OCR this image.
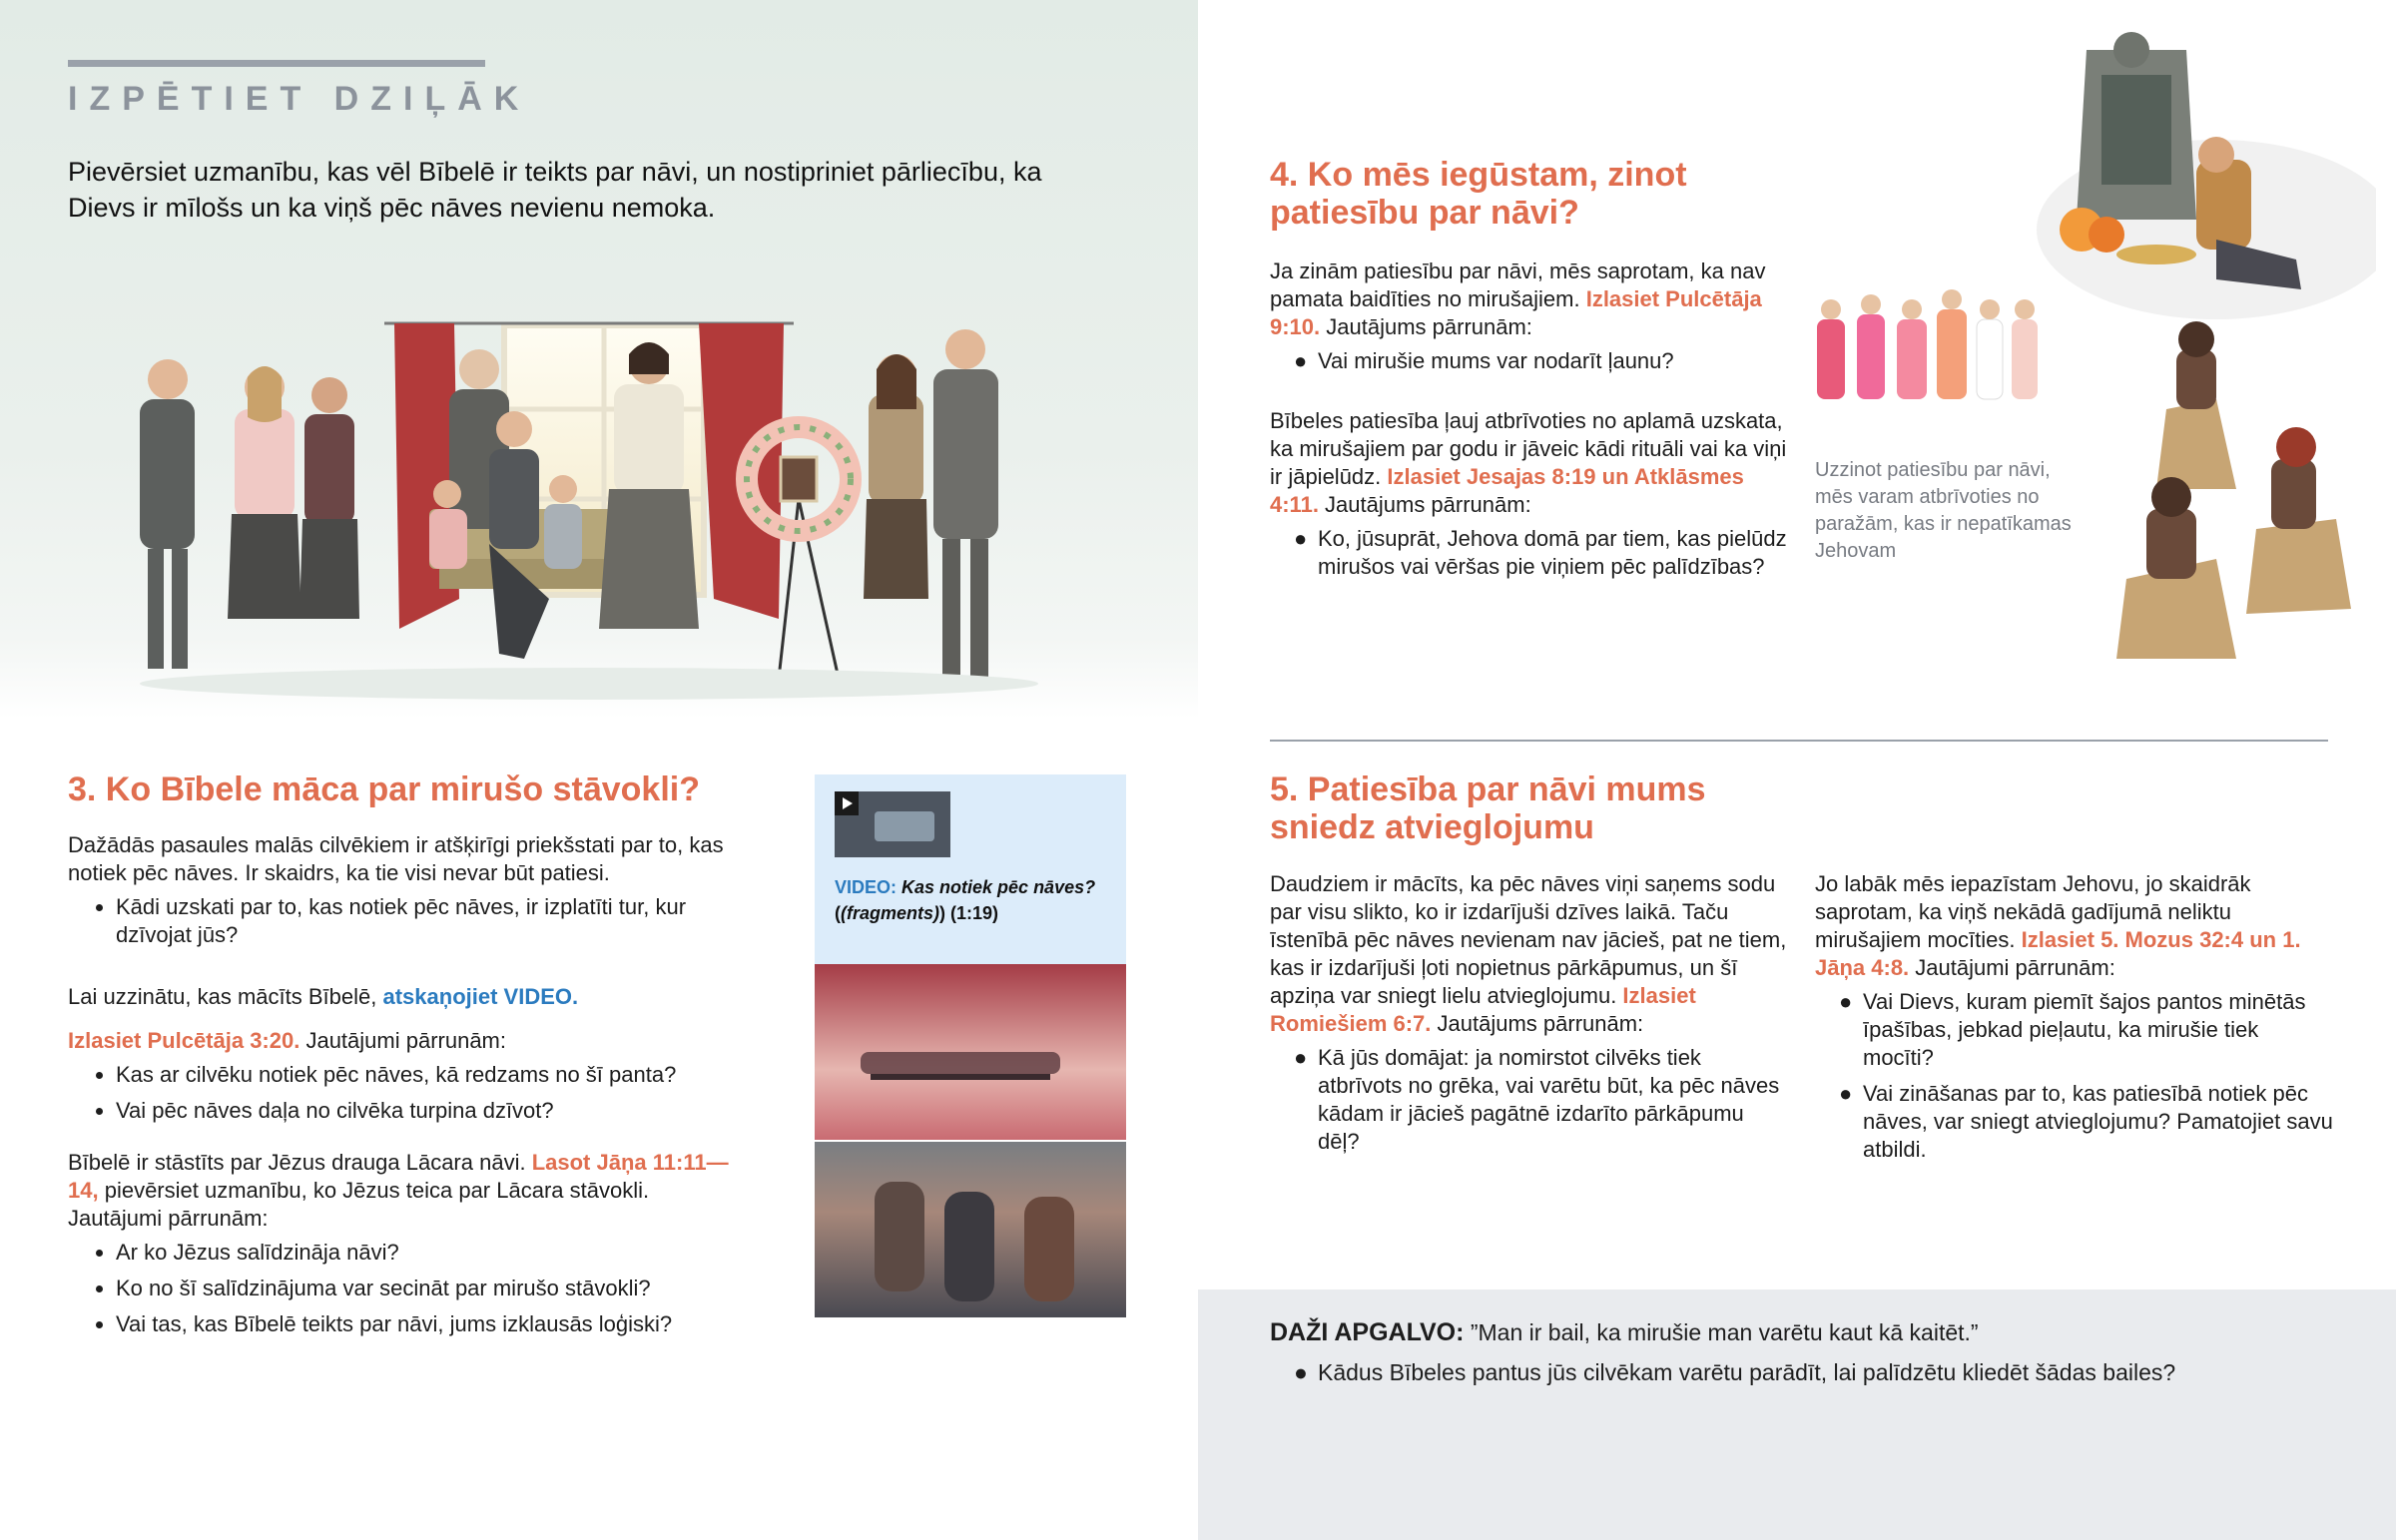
IZPĒTIET DZIĻĀK
Pievērsiet uzmanību, kas vēl Bībelē ir teikts par nāvi, un nostipriniet pārliecību, ka Dievs ir mīlošs un ka viņš pēc nāves nevienu nemoka.
3. Ko Bībele māca par mirušo stāvokli?

Dažādās pasaules malās cilvēkiem ir atšķirīgi priekšstati par to, kas notiek pēc nāves. Ir skaidrs, ka tie visi nevar būt patiesi.

• Kādi uzskati par to, kas notiek pēc nāves, ir izplatīti tur, kur dzīvojat jūs?

Lai uzzinātu, kas mācīts Bībelē, atskaņojiet VIDEO.

Izlasiet Pulcētāja 3:20. Jautājumi pārrunām:

• Kas ar cilvēku notiek pēc nāves, kā redzams no šī panta?
• Vai pēc nāves daļa no cilvēka turpina dzīvot?

Bībelē ir stāstīts par Jēzus drauga Lācara nāvi. Lasot Jāņa 11:11—14, pievērsiet uzmanību, ko Jēzus teica par Lācara stāvokli. Jautājumi pārrunām:

• Ar ko Jēzus salīdzināja nāvi?
• Ko no šī salīdzinājuma var secināt par mirušo stāvokli?
• Vai tas, kas Bībelē teikts par nāvi, jums izklausās loģiski?
VIDEO: Kas notiek pēc nāves?
((fragments)) (1:19)
4. Ko mēs iegūstam, zinot patiesību par nāvi?

Ja zinām patiesību par nāvi, mēs saprotam, ka nav pamata baidīties no mirušajiem. Izlasiet Pulcētāja 9:10. Jautājums pārrunām:

● Vai mirušie mums var nodarīt ļaunu?

Bībeles patiesība ļauj atbrīvoties no aplamā uzskata, ka mirušajiem par godu ir jāveic kādi rituāli vai ka viņi ir jāpielūdz. Izlasiet Jesajas 8:19 un Atklāsmes 4:11. Jautājums pārrunām:

● Ko, jūsuprāt, Jehova domā par tiem, kas pielūdz mirušos vai vēršas pie viņiem pēc palīdzības?
Uzzinot patiesību par nāvi, mēs varam atbrīvoties no paražām, kas ir nepatīkamas Jehovam
5. Patiesība par nāvi mums sniedz atvieglojumu

Daudziem ir mācīts, ka pēc nāves viņi saņems sodu par visu slikto, ko ir izdarījuši dzīves laikā. Taču īstenībā pēc nāves nevienam nav jācieš, pat ne tiem, kas ir izdarījuši ļoti nopietnus pārkāpumus, un šī apziņa var sniegt lielu atvieglojumu. Izlasiet Romiešiem 6:7. Jautājums pārrunām:

● Kā jūs domājat: ja nomirstot cilvēks tiek atbrīvots no grēka, vai varētu būt, ka pēc nāves kādam ir jācieš pagātnē izdarīto pārkāpumu dēļ?

Jo labāk mēs iepazīstam Jehovu, jo skaidrāk saprotam, ka viņš nekādā gadījumā neliktu mirušajiem mocīties. Izlasiet 5. Mozus 32:4 un 1. Jāņa 4:8. Jautājumi pārrunām:

● Vai Dievs, kuram piemīt šajos pantos minētās īpašības, jebkad pieļautu, ka mirušie tiek mocīti?
● Vai zināšanas par to, kas patiesībā notiek pēc nāves, var sniegt atvieglojumu? Pamatojiet savu atbildi.

DAŽI APGALVO: ”Man ir bail, ka mirušie man varētu kaut kā kaitēt.”

● Kādus Bībeles pantus jūs cilvēkam varētu parādīt, lai palīdzētu kliedēt šādas bailes?
